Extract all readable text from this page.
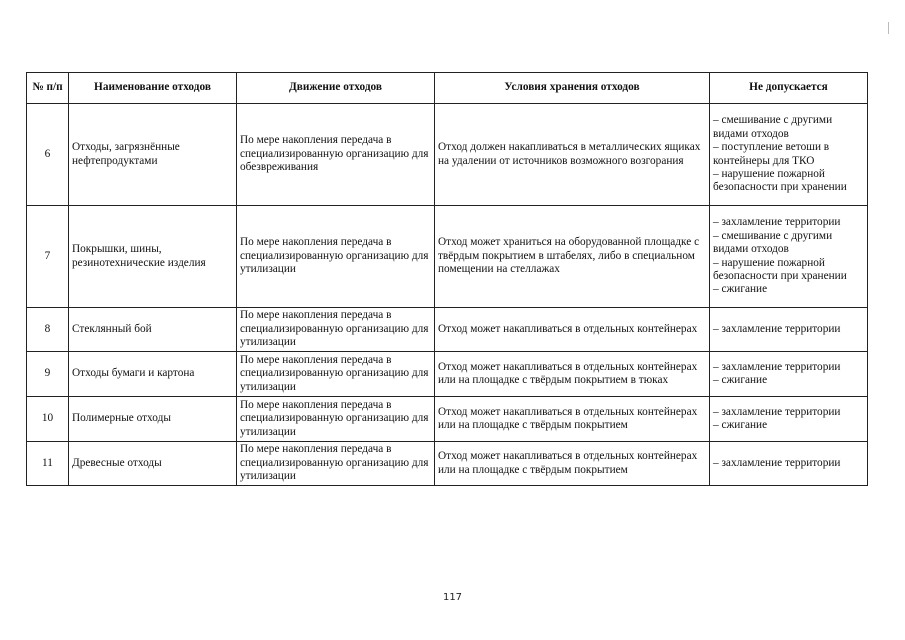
№ п/п	Наименование отходов	Движение отходов	Условия хранения отходов	Не допускается
6	Отходы, загрязнённые нефтепродуктами	По мере накопления передача в специализированную организацию для обезвреживания	Отход должен накапливаться в металлических ящиках на удалении от источников возможного возгорания	– смешивание с другими видами отходов
– поступление ветоши в контейнеры для ТКО
– нарушение пожарной безопасности при хранении

7	Покрышки, шины, резинотехнические изделия	По мере накопления передача в специализированную организацию для утилизации	Отход может храниться на оборудованной площадке с твёрдым покрытием в штабелях, либо в специальном помещении на стеллажах	– захламление территории
– смешивание с другими видами отходов
– нарушение пожарной безопасности при хранении
– сжигание

8	Стеклянный бой	По мере накопления передача в специализированную организацию для утилизации	Отход может накапливаться в отдельных контейнерах	– захламление территории

9	Отходы бумаги и картона	По мере накопления передача в специализированную организацию для утилизации	Отход может накапливаться в отдельных контейнерах или на площадке с твёрдым покрытием в тюках	– захламление территории
– сжигание

10	Полимерные отходы	По мере накопления передача в специализированную организацию для утилизации	Отход может накапливаться в отдельных контейнерах или на площадке с твёрдым покрытием	– захламление территории
– сжигание

11	Древесные отходы	По мере накопления передача в специализированную организацию для утилизации	Отход может накапливаться в отдельных контейнерах или на площадке с твёрдым покрытием	– захламление территории
117
